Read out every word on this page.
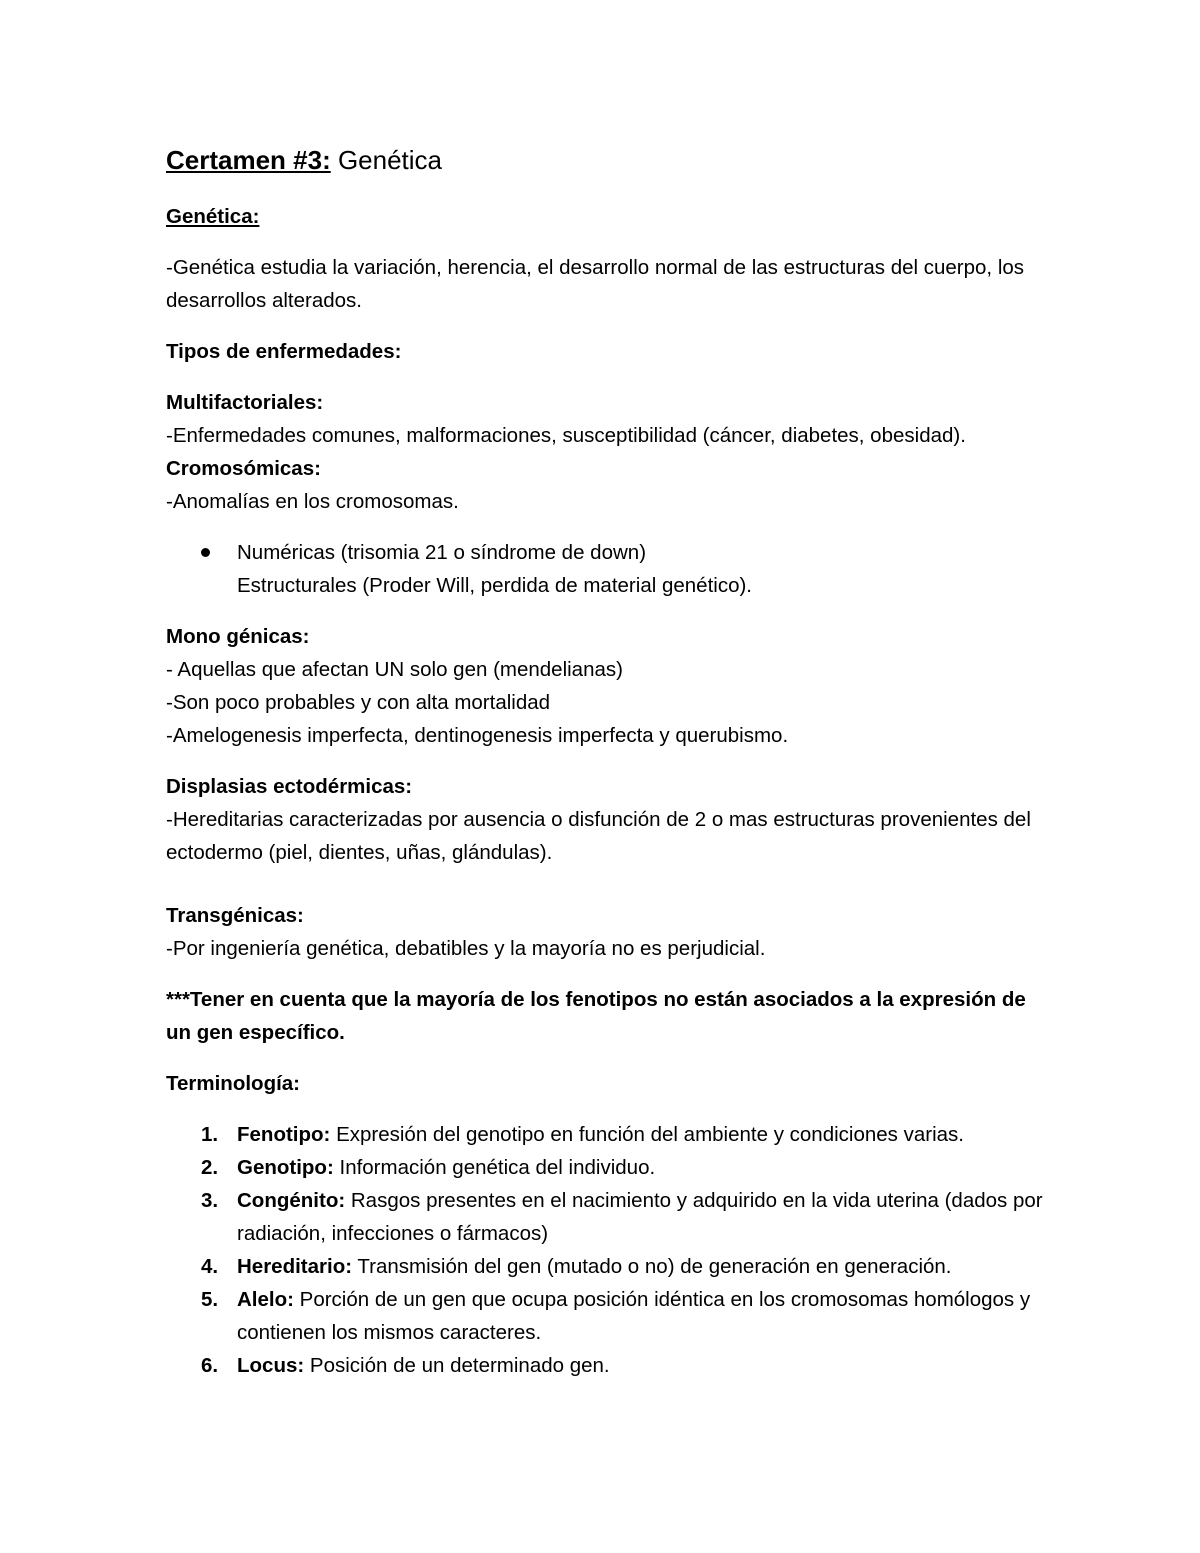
Certamen #3: Genética

Genética:

-Genética estudia la variación, herencia, el desarrollo normal de las estructuras del cuerpo, los desarrollos alterados.

Tipos de enfermedades:

Multifactoriales:

-Enfermedades comunes, malformaciones, susceptibilidad (cáncer, diabetes, obesidad).

Cromosómicas:

-Anomalías en los cromosomas.

Numéricas (trisomia 21 o síndrome de down)
Estructurales (Proder Will, perdida de material genético).

Mono génicas:

- Aquellas que afectan UN solo gen (mendelianas)

-Son poco probables y con alta mortalidad

-Amelogenesis imperfecta, dentinogenesis imperfecta y querubismo.

Displasias ectodérmicas:

-Hereditarias caracterizadas por ausencia o disfunción de 2 o mas estructuras provenientes del ectodermo (piel, dientes, uñas, glándulas).

Transgénicas:

-Por ingeniería genética, debatibles y la mayoría no es perjudicial.

***Tener en cuenta que la mayoría de los fenotipos no están asociados a la expresión de un gen específico.

Terminología:

1. Fenotipo: Expresión del genotipo en función del ambiente y condiciones varias.
2. Genotipo: Información genética del individuo.
3. Congénito: Rasgos presentes en el nacimiento y adquirido en la vida uterina (dados por radiación, infecciones o fármacos)
4. Hereditario: Transmisión del gen (mutado o no) de generación en generación.
5. Alelo: Porción de un gen que ocupa posición idéntica en los cromosomas homólogos y contienen los mismos caracteres.
6. Locus: Posición de un determinado gen.
